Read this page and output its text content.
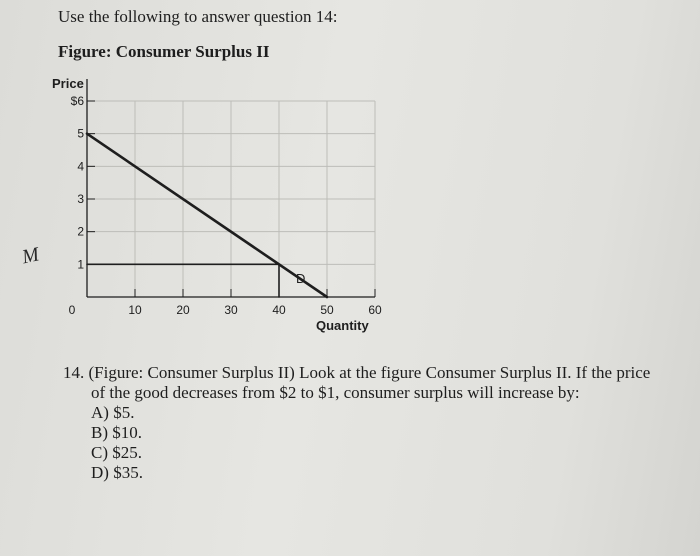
Use the following to answer question 14:
Figure: Consumer Surplus II
Price
Quantity
D
M
$6
5
4
3
2
1
0	10	20	30	40	50	60
14. (Figure: Consumer Surplus II) Look at the figure Consumer Surplus II. If the price of the good decreases from $2 to $1, consumer surplus will increase by:
A) $5.
B) $10.
C) $25.
D) $35.
